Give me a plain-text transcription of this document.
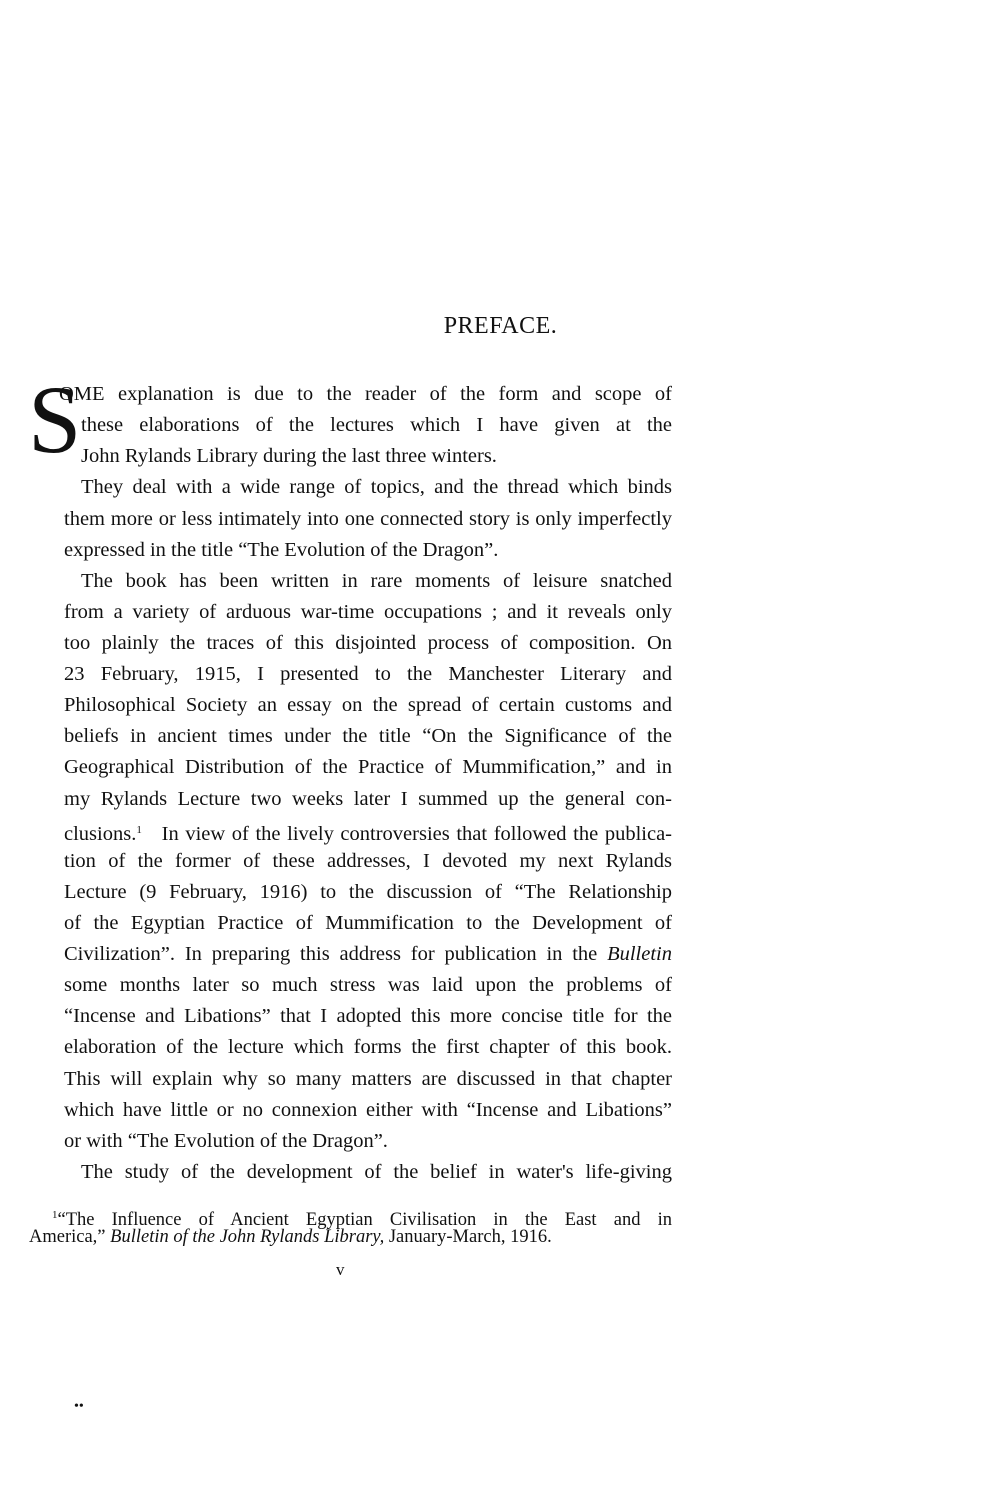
PREFACE.
S
OME explanation is due to the reader of the form and scope of
these elaborations of the lectures which I have given at the
John Rylands Library during the last three winters.
They deal with a wide range of topics, and the thread which binds
them more or less intimately into one connected story is only imperfectly
expressed in the title “The Evolution of the Dragon”.
The book has been written in rare moments of leisure snatched
from a variety of arduous war-time occupations ; and it reveals only
too plainly the traces of this disjointed process of composition. On
23 February, 1915, I presented to the Manchester Literary and
Philosophical Society an essay on the spread of certain customs and
beliefs in ancient times under the title “On the Significance of the
Geographical Distribution of the Practice of Mummification,” and in
my Rylands Lecture two weeks later I summed up the general con-
clusions.$^1$ In view of the lively controversies that followed the publica-
tion of the former of these addresses, I devoted my next Rylands
Lecture (9 February, 1916) to the discussion of “The Relationship
of the Egyptian Practice of Mummification to the Development of
Civilization”. In preparing this address for publication in the Bulletin
some months later so much stress was laid upon the problems of
“Incense and Libations” that I adopted this more concise title for the
elaboration of the lecture which forms the first chapter of this book.
This will explain why so many matters are discussed in that chapter
which have little or no connexion either with “Incense and Libations”
or with “The Evolution of the Dragon”.
The study of the development of the belief in water's life-giving
$^1$“The Influence of Ancient Egyptian Civilisation in the East and in
America,” Bulletin of the John Rylands Library, January-March, 1916.
v
••
